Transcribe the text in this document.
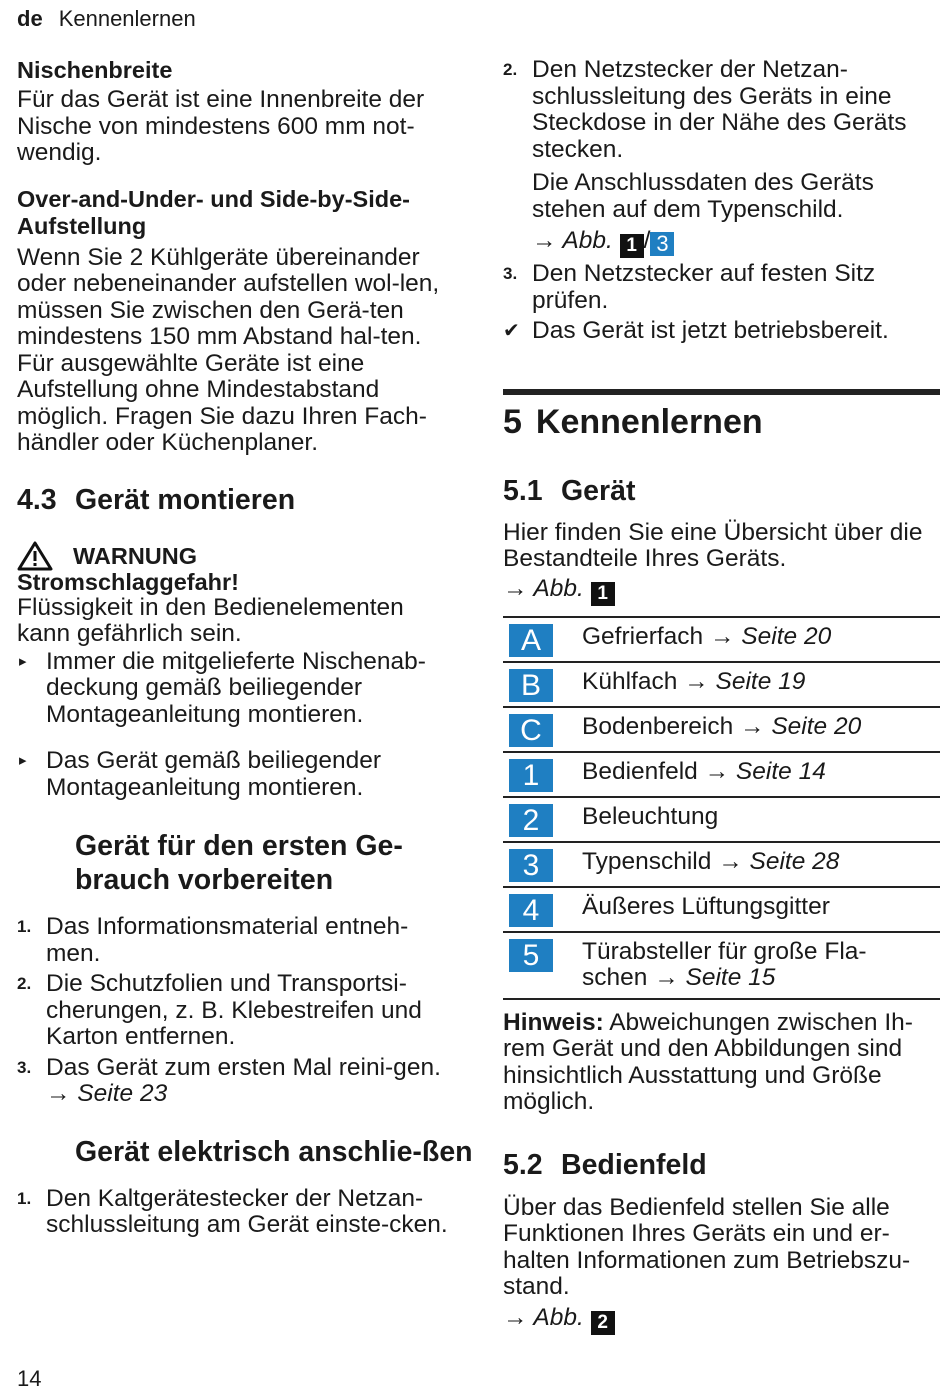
de Kennenlernen

Nischenbreite

Für das Gerät ist eine Innenbreite der Nische von mindestens 600 mm not-wendig.

Over-and-Under- und Side-by-Side-Aufstellung

Wenn Sie 2 Kühlgeräte übereinander oder nebeneinander aufstellen wol-len, müssen Sie zwischen den Gerä-ten mindestens 150 mm Abstand hal-ten. Für ausgewählte Geräte ist eine Aufstellung ohne Mindestabstand möglich. Fragen Sie dazu Ihren Fach-händler oder Küchenplaner.

4.3 Gerät montieren

WARNUNG

Stromschlaggefahr!

Flüssigkeit in den Bedienelementen kann gefährlich sein.

▸ Immer die mitgelieferte Nischenab-deckung gemäß beiliegender Montageanleitung montieren.
▸ Das Gerät gemäß beiliegender Montageanleitung montieren.

Gerät für den ersten Ge-brauch vorbereiten

1. Das Informationsmaterial entneh-men.
2. Die Schutzfolien und Transportsi-cherungen, z. B. Klebestreifen und Karton entfernen.
3. Das Gerät zum ersten Mal reini-gen. → Seite 23

Gerät elektrisch anschlie-ßen

1. Den Kaltgerätestecker der Netzan-schlussleitung am Gerät einste-cken.
2. Den Netzstecker der Netzan-schlussleitung des Geräts in eine Steckdose in der Nähe des Geräts stecken.

Die Anschlussdaten des Geräts stehen auf dem Typenschild.

→ Abb. 1 / 3

3. Den Netzstecker auf festen Sitz prüfen.
✔ Das Gerät ist jetzt betriebsbereit.

5 Kennenlernen

5.1 Gerät

Hier finden Sie eine Übersicht über die Bestandteile Ihres Geräts.

→ Abb. 1

A	Gefrierfach → Seite 20
B	Kühlfach → Seite 19
C	Bodenbereich → Seite 20
1	Bedienfeld → Seite 14
2	Beleuchtung
3	Typenschild → Seite 28
4	Äußeres Lüftungsgitter
5	Türabsteller für große Fla-schen → Seite 15

Hinweis: Abweichungen zwischen Ih-rem Gerät und den Abbildungen sind hinsichtlich Ausstattung und Größe möglich.

5.2 Bedienfeld

Über das Bedienfeld stellen Sie alle Funktionen Ihres Geräts ein und er-halten Informationen zum Betriebszu-stand.

→ Abb. 2

14
